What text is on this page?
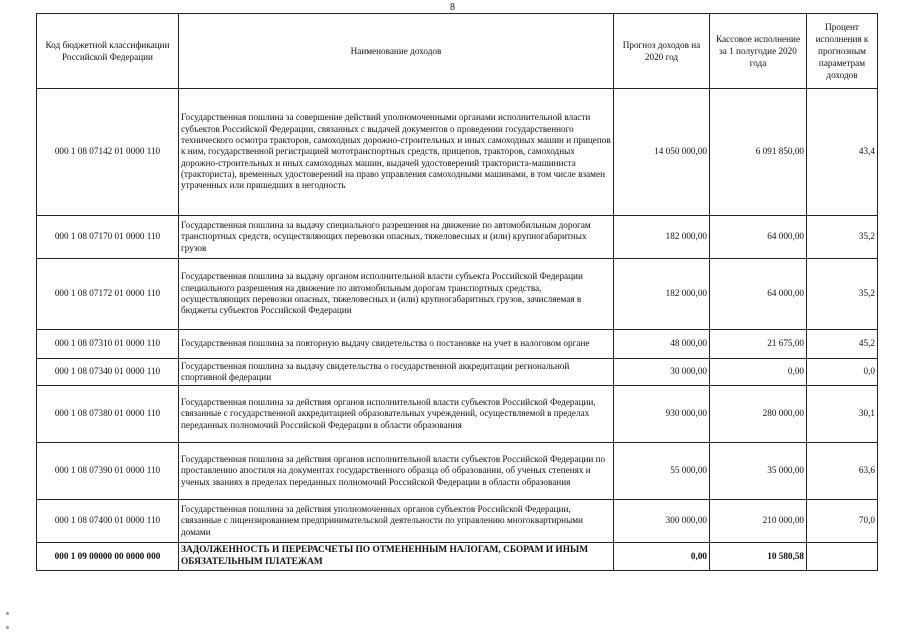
8
Код бюджетной классификации Российской Федерации	Наименование доходов	Прогноз доходов на 2020 год	Кассовое исполнение за 1 полугодие 2020 года	Процент исполнения к прогнозным параметрам доходов
000 1 08 07142 01 0000 110	Государственная пошлина за совершение действий уполномоченными органами исполнительной власти субъектов Российской Федерации, связанных с выдачей документов о проведении государственного технического осмотра тракторов, самоходных дорожно-строительных и иных самоходных машин и прицепов к ним, государственной регистрацией мототранспортных средств, прицепов, тракторов, самоходных дорожно-строительных и иных самоходных машин, выдачей удостоверений тракториста-машиниста (тракториста), временных удостоверений на право управления самоходными машинами, в том числе взамен утраченных или пришедших в негодность	14 050 000,00	6 091 850,00	43,4
000 1 08 07170 01 0000 110	Государственная пошлина за выдачу специального разрешения на движение по автомобильным дорогам транспортных средств, осуществляющих перевозки опасных, тяжеловесных и (или) крупногабаритных грузов	182 000,00	64 000,00	35,2
000 1 08 07172 01 0000 110	Государственная пошлина за выдачу органом исполнительной власти субъекта Российской Федерации специального разрешения на движение по автомобильным дорогам транспортных средства, осуществляющих перевозки опасных, тяжеловесных и (или) крупногабаритных грузов, зачисляемая в бюджеты субъектов Российской Федерации	182 000,00	64 000,00	35,2
000 1 08 07310 01 0000 110	Государственная пошлина за повторную выдачу свидетельства о постановке на учет в налоговом органе	48 000,00	21 675,00	45,2
000 1 08 07340 01 0000 110	Государственная пошлина за выдачу свидетельства о государственной аккредитации региональной спортивной федерации	30 000,00	0,00	0,0
000 1 08 07380 01 0000 110	Государственная пошлина за действия органов исполнительной власти субъектов Российской Федерации, связанные с государственной аккредитацией образовательных учреждений, осуществляемой в пределах переданных полномочий Российской Федерации в области образования	930 000,00	280 000,00	30,1
000 1 08 07390 01 0000 110	Государственная пошлина за действия органов исполнительной власти субъектов Российской Федерации по проставлению апостиля на документах государственного образца об образовании, об ученых степенях и ученых званиях в пределах переданных полномочий Российской Федерации в области образования	55 000,00	35 000,00	63,6
000 1 08 07400 01 0000 110	Государственная пошлина за действия уполномоченных органов субъектов Российской Федерации, связанные с лицензированием предпринимательской деятельности по управлению многоквартирными домами	300 000,00	210 000,00	70,0
000 1 09 00000 00 0000 000	ЗАДОЛЖЕННОСТЬ И ПЕРЕРАСЧЕТЫ ПО ОТМЕНЕННЫМ НАЛОГАМ, СБОРАМ И ИНЫМ ОБЯЗАТЕЛЬНЫМ ПЛАТЕЖАМ	0,00	10 580,58	
